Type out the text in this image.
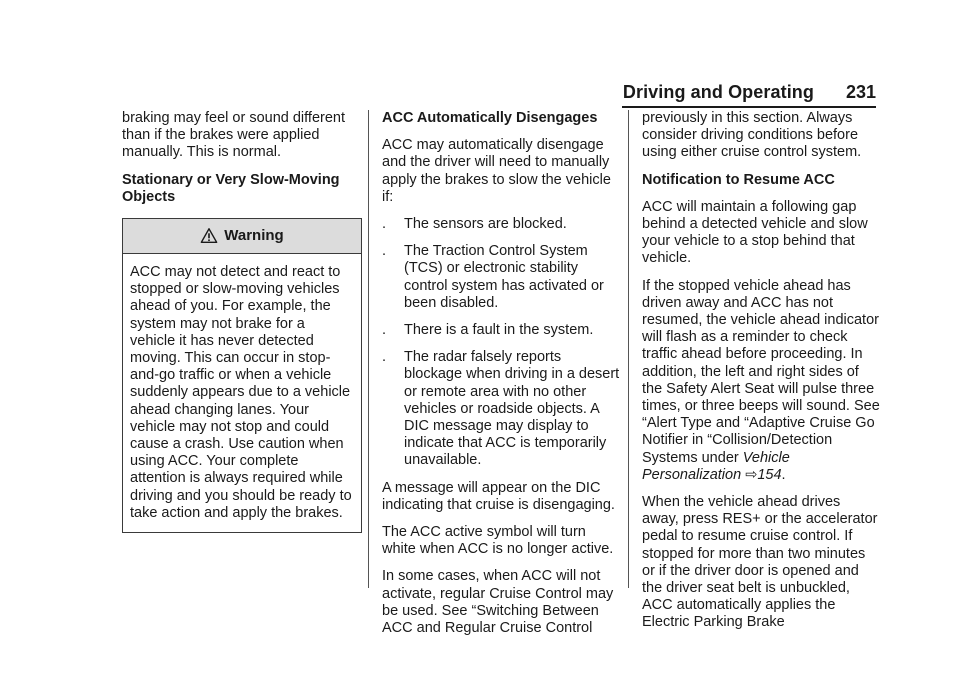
Driving and Operating 231

braking may feel or sound different than if the brakes were applied manually. This is normal.

Stationary or Very Slow-Moving Objects

Warning
ACC may not detect and react to stopped or slow-moving vehicles ahead of you. For example, the system may not brake for a vehicle it has never detected moving. This can occur in stop-and-go traffic or when a vehicle suddenly appears due to a vehicle ahead changing lanes. Your vehicle may not stop and could cause a crash. Use caution when using ACC. Your complete attention is always required while driving and you should be ready to take action and apply the brakes.

ACC Automatically Disengages

ACC may automatically disengage and the driver will need to manually apply the brakes to slow the vehicle if:

.	The sensors are blocked.
.	The Traction Control System (TCS) or electronic stability control system has activated or been disabled.
.	There is a fault in the system.
.	The radar falsely reports blockage when driving in a desert or remote area with no other vehicles or roadside objects. A DIC message may display to indicate that ACC is temporarily unavailable.

A message will appear on the DIC indicating that cruise is disengaging.

The ACC active symbol will turn white when ACC is no longer active.

In some cases, when ACC will not activate, regular Cruise Control may be used. See “Switching Between ACC and Regular Cruise Control

previously in this section. Always consider driving conditions before using either cruise control system.

Notification to Resume ACC

ACC will maintain a following gap behind a detected vehicle and slow your vehicle to a stop behind that vehicle.

If the stopped vehicle ahead has driven away and ACC has not resumed, the vehicle ahead indicator will flash as a reminder to check traffic ahead before proceeding. In addition, the left and right sides of the Safety Alert Seat will pulse three times, or three beeps will sound. See “Alert Type and “Adaptive Cruise Go Notifier in “Collision/Detection Systems under Vehicle Personalization ⇨154.

When the vehicle ahead drives away, press RES+ or the accelerator pedal to resume cruise control. If stopped for more than two minutes or if the driver door is opened and the driver seat belt is unbuckled, ACC automatically applies the Electric Parking Brake
